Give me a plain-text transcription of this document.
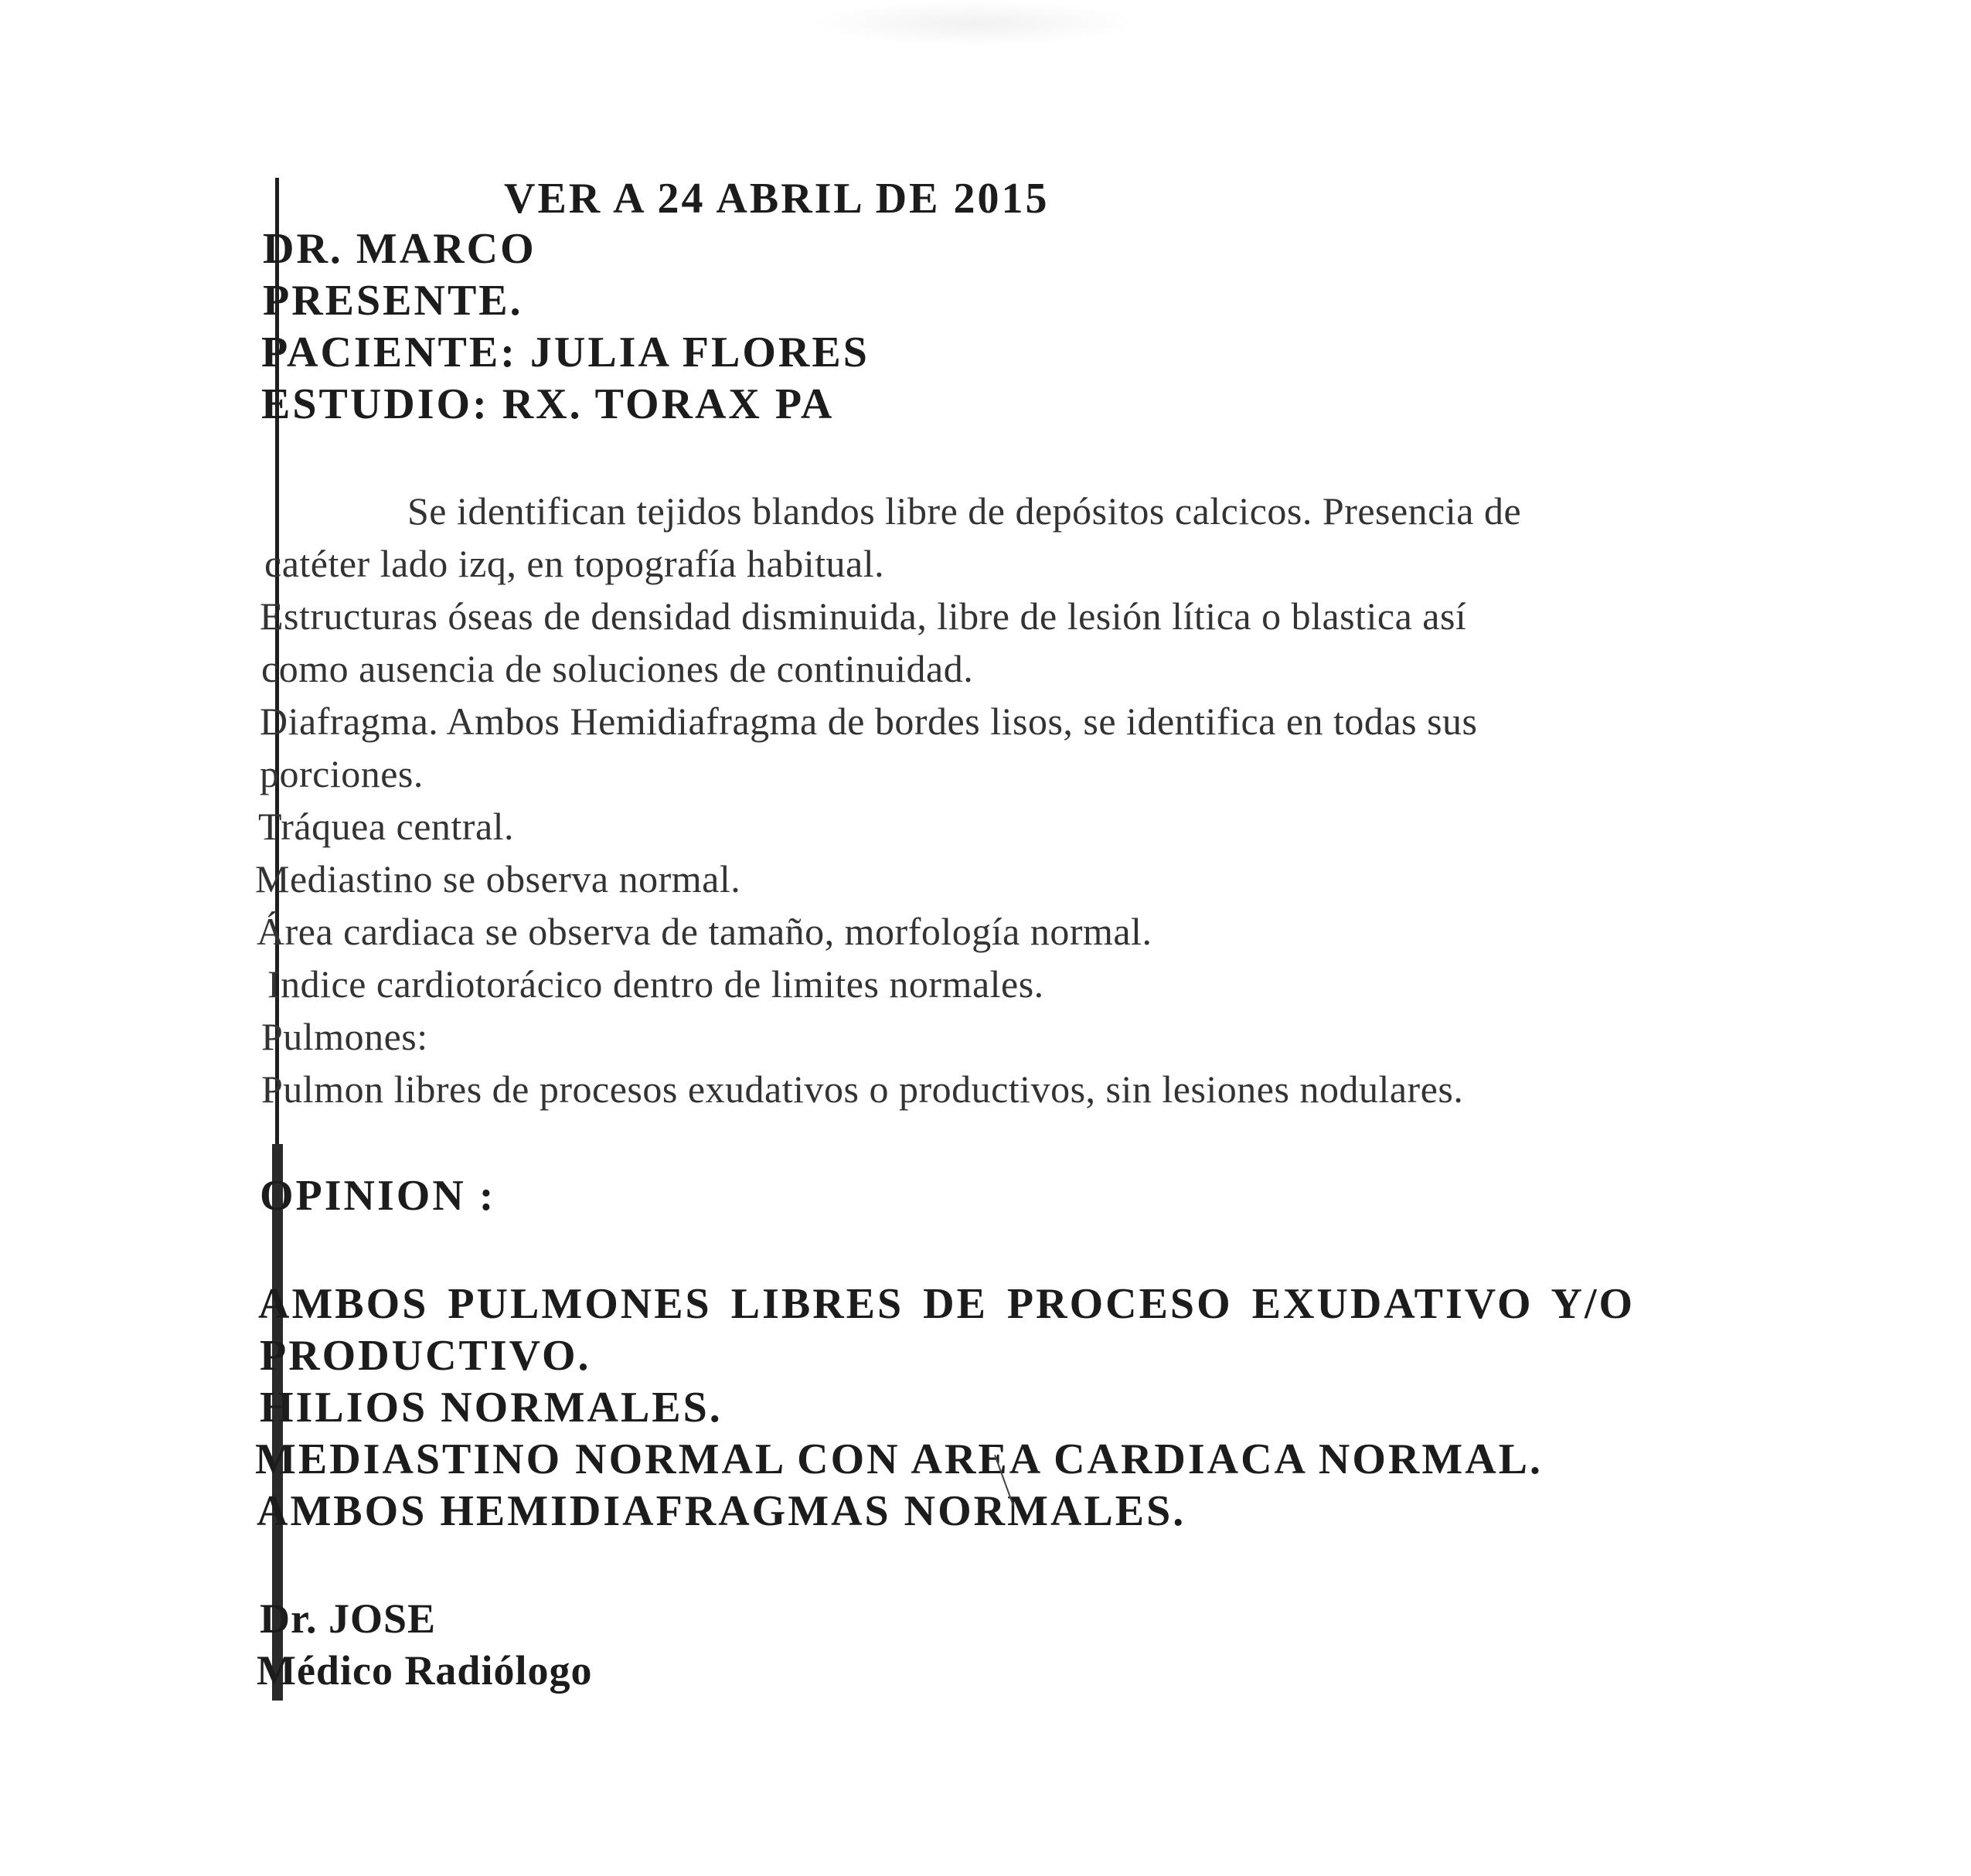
VER A 24 ABRIL DE 2015
DR. MARCO
PRESENTE.
PACIENTE: JULIA FLORES
ESTUDIO: RX. TORAX PA
Se identifican tejidos blandos libre de depósitos calcicos. Presencia de
catéter lado izq, en topografía habitual.
Estructuras óseas de densidad disminuida, libre de lesión lítica o blastica así
como ausencia de soluciones de continuidad.
Diafragma. Ambos Hemidiafragma de bordes lisos, se identifica en todas sus
porciones.
Tráquea central.
Mediastino se observa normal.
Área cardiaca se observa de tamaño, morfología normal.
Indice cardiotorácico dentro de limites normales.
Pulmones:
Pulmon libres de procesos exudativos o productivos, sin lesiones nodulares.
OPINION :
AMBOS PULMONES LIBRES DE PROCESO EXUDATIVO Y/O
PRODUCTIVO.
HILIOS NORMALES.
MEDIASTINO NORMAL CON AREA CARDIACA NORMAL.
AMBOS HEMIDIAFRAGMAS NORMALES.
Dr. JOSE
Médico Radiólogo
